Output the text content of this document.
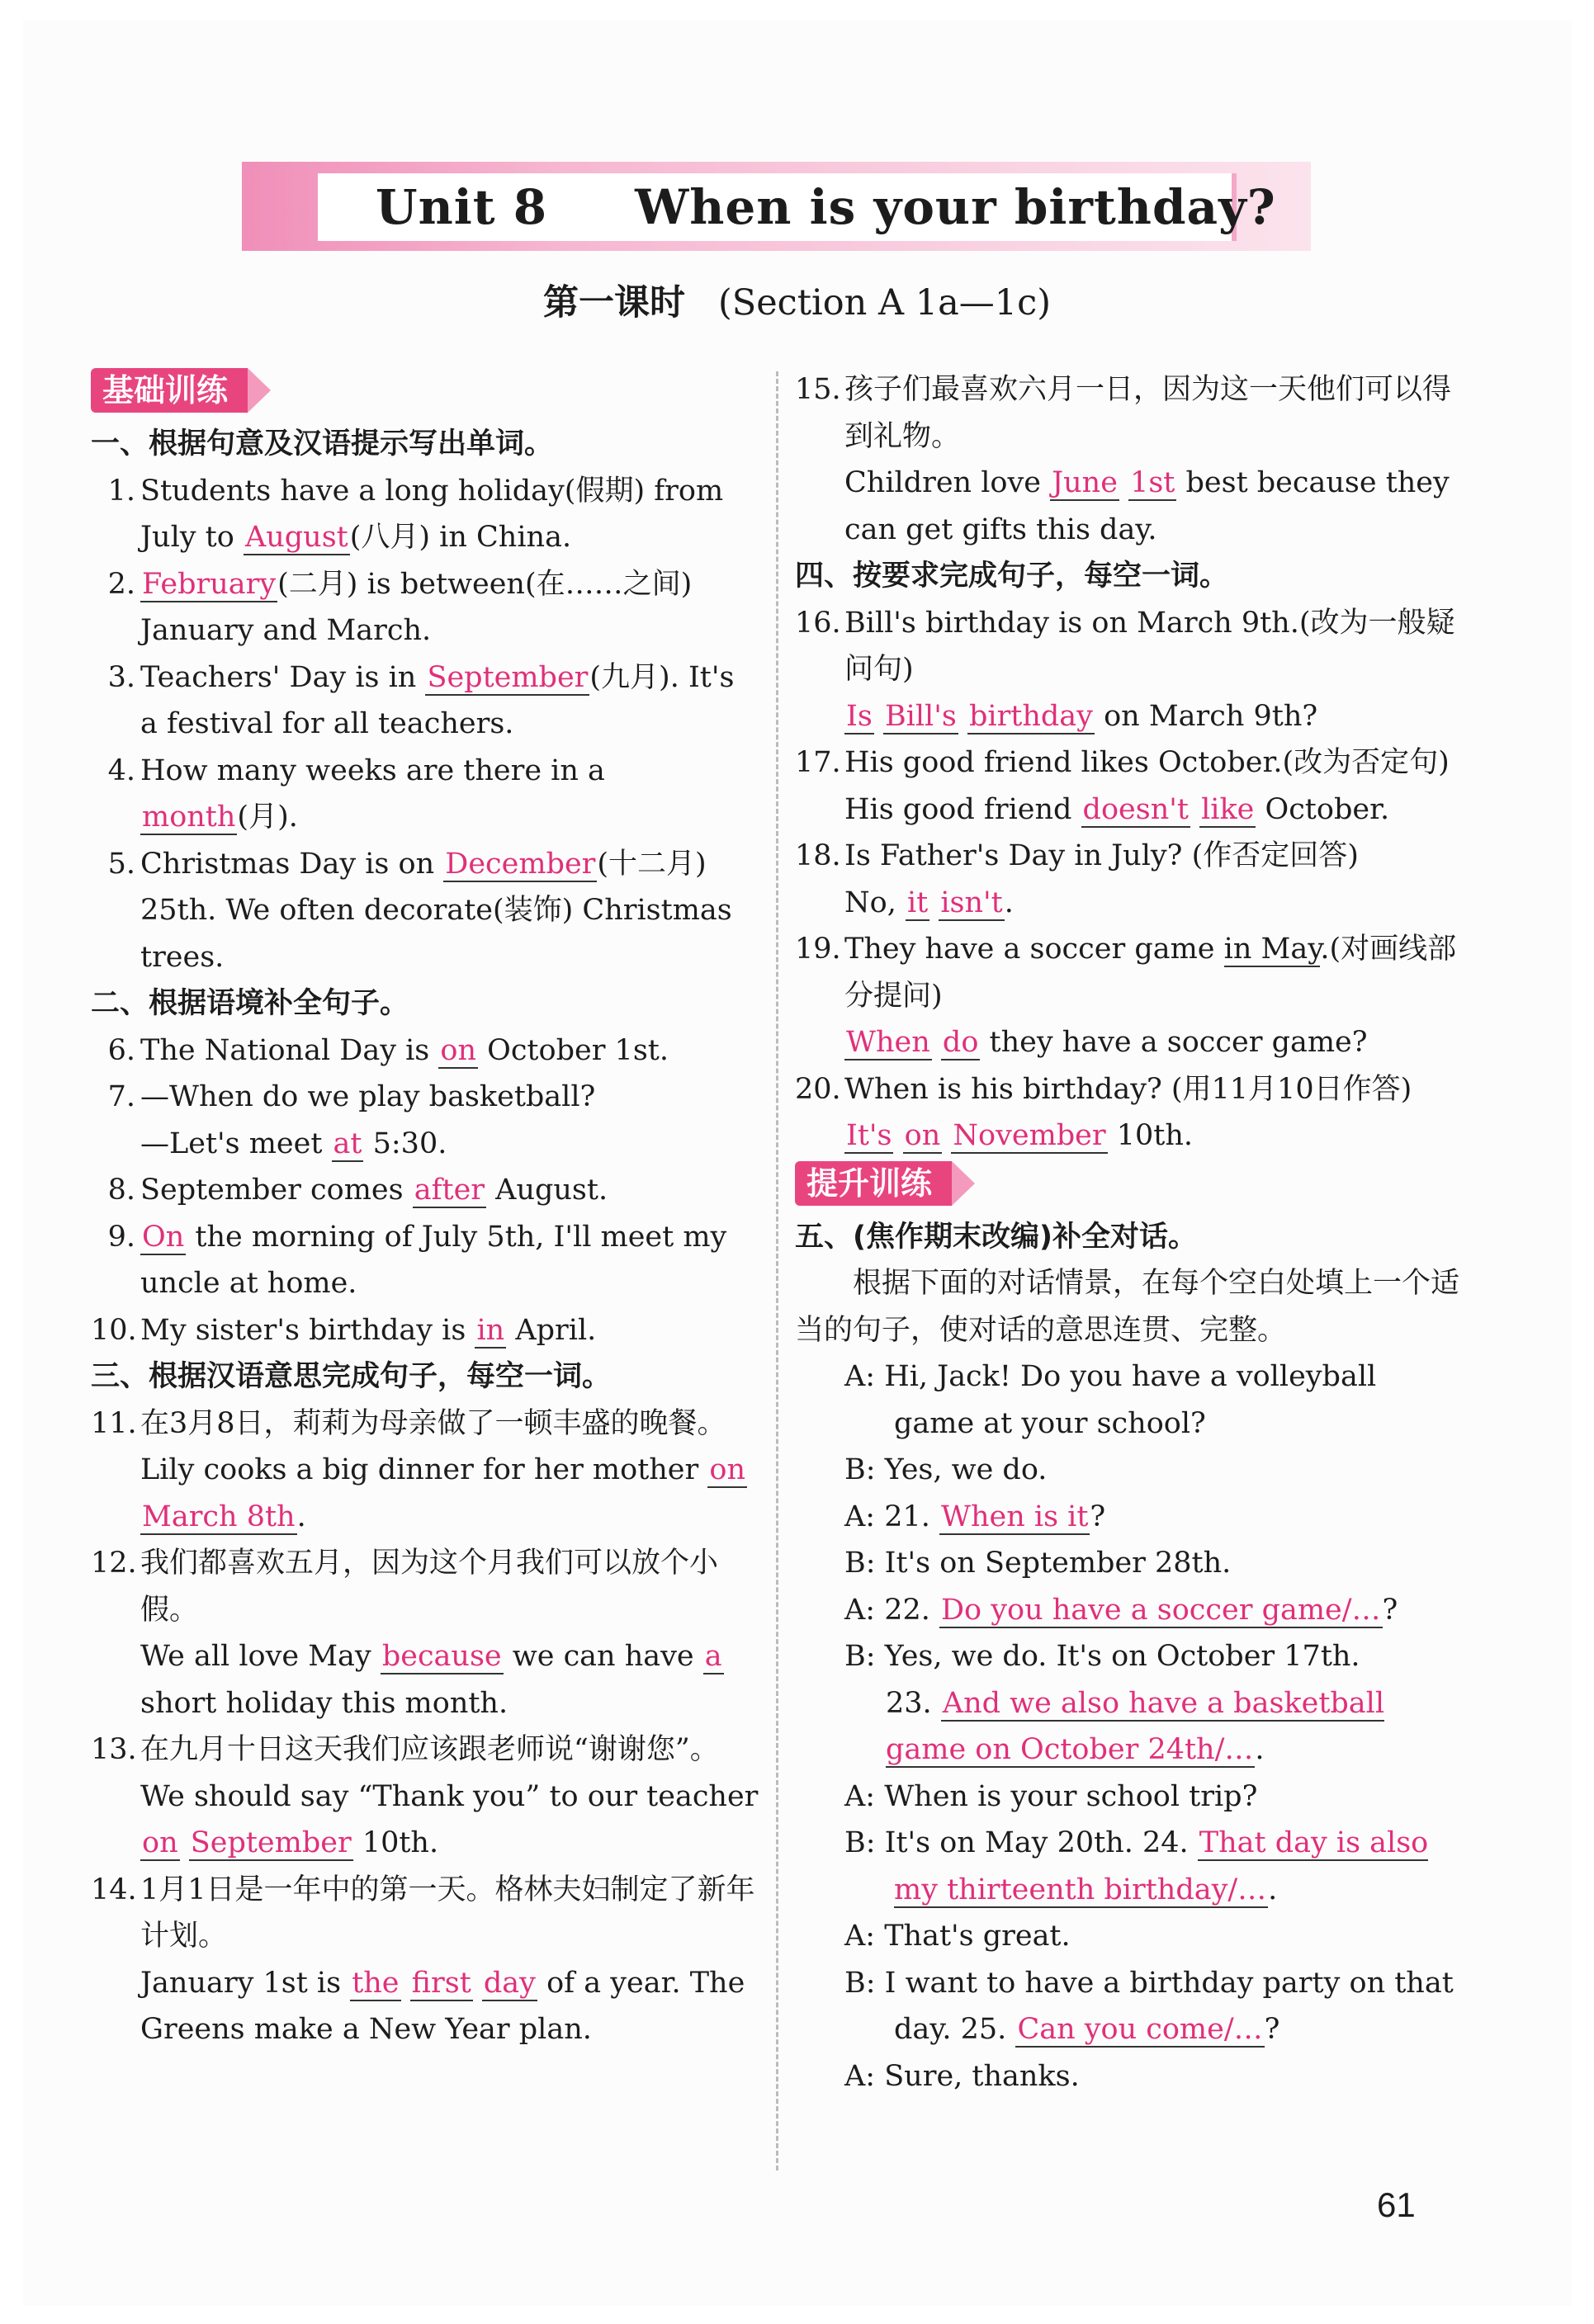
Unit 8     When is your birthday?
第一课时 (Section A 1a—1c)
基础训练
一、根据句意及汉语提示写出单词。
1. Students have a long holiday(假期) from July to August(八月) in China.
2. February(二月) is between(在……之间) January and March.
3. Teachers' Day is in September(九月). It's a festival for all teachers.
4. How many weeks are there in a month(月).
5. Christmas Day is on December(十二月) 25th. We often decorate(装饰) Christmas trees.
二、根据语境补全句子。
6. The National Day is on October 1st.
7. —When do we play basketball?
—Let's meet at 5:30.
8. September comes after August.
9. On the morning of July 5th, I'll meet my uncle at home.
10. My sister's birthday is in April.
三、根据汉语意思完成句子，每空一词。
11. 在3月8日，莉莉为母亲做了一顿丰盛的晚餐。
Lily cooks a big dinner for her mother on March 8th.
12. 我们都喜欢五月，因为这个月我们可以放个小假。
We all love May because we can have a short holiday this month.
13. 在九月十日这天我们应该跟老师说“谢谢您”。
We should say “Thank you” to our teacher on September 10th.
14. 1月1日是一年中的第一天。格林夫妇制定了新年计划。
January 1st is the first day of a year. The Greens make a New Year plan.
15. 孩子们最喜欢六月一日，因为这一天他们可以得到礼物。
Children love June 1st best because they can get gifts this day.
四、按要求完成句子，每空一词。
16. Bill's birthday is on March 9th.(改为一般疑问句)
Is Bill's birthday on March 9th?
17. His good friend likes October.(改为否定句)
His good friend doesn't like October.
18. Is Father's Day in July? (作否定回答)
No, it isn't.
19. They have a soccer game in May.(对画线部分提问)
When do they have a soccer game?
20. When is his birthday? (用11月10日作答)
It's on November 10th.
提升训练
五、(焦作期末改编)补全对话。
根据下面的对话情景，在每个空白处填上一个适当的句子，使对话的意思连贯、完整。
A: Hi, Jack! Do you have a volleyball game at your school?
B: Yes, we do.
A: 21. When is it?
B: It's on September 28th.
A: 22. Do you have a soccer game/…?
B: Yes, we do. It's on October 17th.
23. And we also have a basketball game on October 24th/….
A: When is your school trip?
B: It's on May 20th. 24. That day is also my thirteenth birthday/….
A: That's great.
B: I want to have a birthday party on that day. 25. Can you come/…?
A: Sure, thanks.
61
